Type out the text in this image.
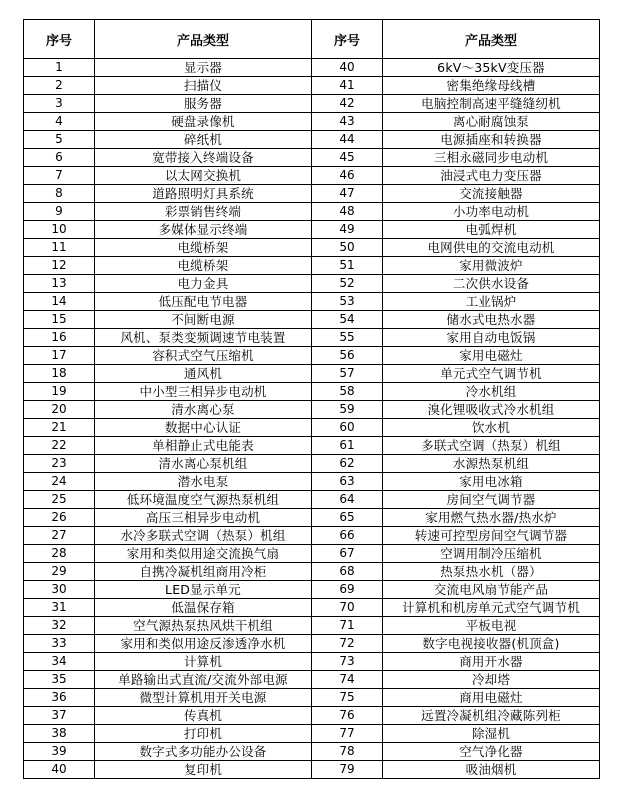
序号	产品类型	序号	产品类型
1	显示器	40	6kV～35kV变压器
2	扫描仪	41	密集绝缘母线槽
3	服务器	42	电脑控制高速平缝缝纫机
4	硬盘录像机	43	离心耐腐蚀泵
5	碎纸机	44	电源插座和转换器
6	宽带接入终端设备	45	三相永磁同步电动机
7	以太网交换机	46	油浸式电力变压器
8	道路照明灯具系统	47	交流接触器
9	彩票销售终端	48	小功率电动机
10	多媒体显示终端	49	电弧焊机
11	电缆桥架	50	电网供电的交流电动机
12	电缆桥架	51	家用微波炉
13	电力金具	52	二次供水设备
14	低压配电节电器	53	工业锅炉
15	不间断电源	54	储水式电热水器
16	风机、泵类变频调速节电装置	55	家用自动电饭锅
17	容积式空气压缩机	56	家用电磁灶
18	通风机	57	单元式空气调节机
19	中小型三相异步电动机	58	冷水机组
20	清水离心泵	59	溴化锂吸收式冷水机组
21	数据中心认证	60	饮水机
22	单相静止式电能表	61	多联式空调（热泵）机组
23	清水离心泵机组	62	水源热泵机组
24	潜水电泵	63	家用电冰箱
25	低环境温度空气源热泵机组	64	房间空气调节器
26	高压三相异步电动机	65	家用燃气热水器/热水炉
27	水冷多联式空调（热泵）机组	66	转速可控型房间空气调节器
28	家用和类似用途交流换气扇	67	空调用制冷压缩机
29	自携冷凝机组商用冷柜	68	热泵热水机（器）
30	LED显示单元	69	交流电风扇节能产品
31	低温保存箱	70	计算机和机房单元式空气调节机
32	空气源热泵热风烘干机组	71	平板电视
33	家用和类似用途反渗透净水机	72	数字电视接收器(机顶盒)
34	计算机	73	商用开水器
35	单路输出式直流/交流外部电源	74	冷却塔
36	微型计算机用开关电源	75	商用电磁灶
37	传真机	76	远置冷凝机组冷藏陈列柜
38	打印机	77	除湿机
39	数字式多功能办公设备	78	空气净化器
40	复印机	79	吸油烟机
